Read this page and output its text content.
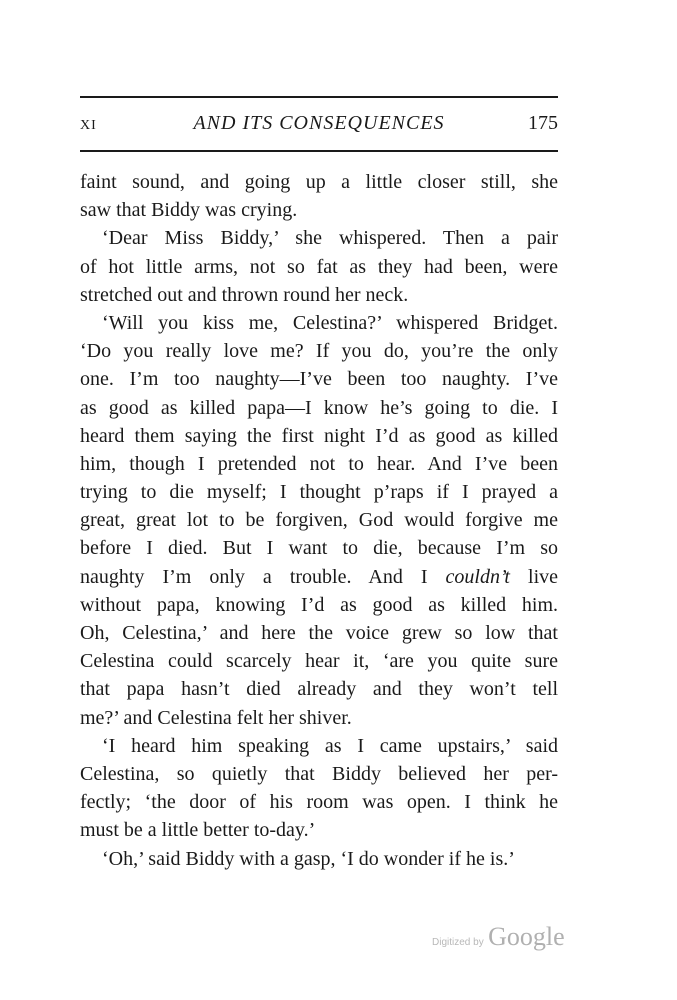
xi	AND ITS CONSEQUENCES	175
faint sound, and going up a little closer still, she
saw that Biddy was crying.
‘Dear Miss Biddy,’ she whispered. Then a pair
of hot little arms, not so fat as they had been, were
stretched out and thrown round her neck.
‘Will you kiss me, Celestina?’ whispered Bridget.
‘Do you really love me? If you do, you’re the only
one. I’m too naughty—I’ve been too naughty. I’ve
as good as killed papa—I know he’s going to die. I
heard them saying the first night I’d as good as killed
him, though I pretended not to hear. And I’ve been
trying to die myself; I thought p’raps if I prayed a
great, great lot to be forgiven, God would forgive me
before I died. But I want to die, because I’m so
naughty I’m only a trouble. And I couldn’t live
without papa, knowing I’d as good as killed him.
Oh, Celestina,’ and here the voice grew so low that
Celestina could scarcely hear it, ‘are you quite sure
that papa hasn’t died already and they won’t tell
me?’ and Celestina felt her shiver.
‘I heard him speaking as I came upstairs,’ said
Celestina, so quietly that Biddy believed her per-
fectly; ‘the door of his room was open. I think he
must be a little better to-day.’
‘Oh,’ said Biddy with a gasp, ‘I do wonder if he is.’
Digitized by Google
